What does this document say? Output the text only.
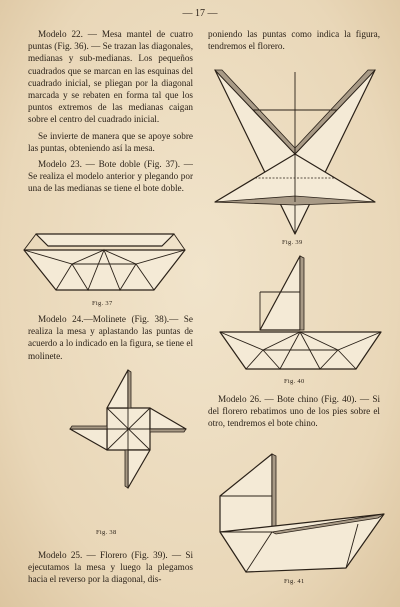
— 17 —

Modelo 22. — Mesa mantel de cuatro puntas (Fig. 36). — Se trazan las diagonales, medianas y sub-medianas. Los pequeños cuadrados que se marcan en las esquinas del cuadrado inicial, se pliegan por la diagonal marcada y se rebaten en forma tal que los puntos extremos de las medianas caigan sobre el centro del cuadrado inicial.

Se invierte de manera que se apoye sobre las puntas, obteniendo así la mesa.

Modelo 23. — Bote doble (Fig. 37). — Se realiza el modelo anterior y plegando por una de las medianas se tiene el bote doble.

Fig. 37

Modelo 24.—Molinete (Fig. 38).— Se realiza la mesa y aplastando las puntas de acuerdo a lo indicado en la figura, se tiene el molinete.

Fig. 38

Modelo 25. — Florero (Fig. 39). — Si ejecutamos la mesa y luego la plegamos hacia el reverso por la diagonal, dis-

poniendo las puntas como indica la figura, tendremos el florero.

Fig. 39
Fig. 40

Modelo 26. — Bote chino (Fig. 40). — Si del florero rebatimos uno de los pies sobre el otro, tendremos el bote chino.

Fig. 41
